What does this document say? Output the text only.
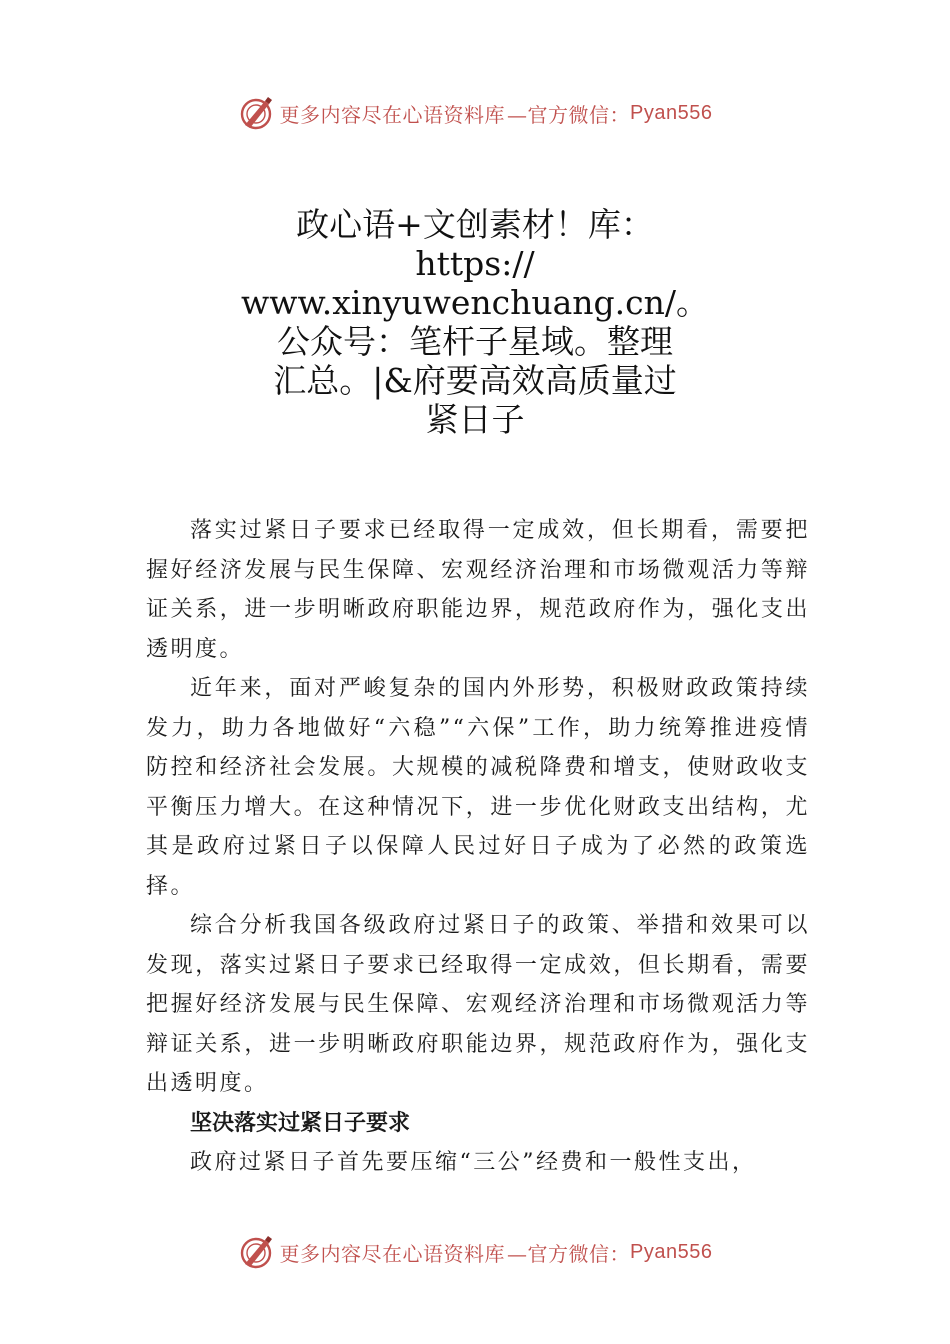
更多内容尽在心语资料库 —官方微信： Pyan556
政心语+文创素材！库：
https://
www.xinyuwenchuang.cn/。
公众号：笔杆子星域。整理
汇总。|&府要高效高质量过
紧日子

落实过紧日子要求已经取得一定成效，但长期看，需要把握好经济发展与民生保障、宏观经济治理和市场微观活力等辩证关系，进一步明晰政府职能边界，规范政府作为，强化支出透明度。

近年来，面对严峻复杂的国内外形势，积极财政政策持续发力，助力各地做好“六稳”“六保”工作，助力统筹推进疫情防控和经济社会发展。大规模的减税降费和增支，使财政收支平衡压力增大。在这种情况下，进一步优化财政支出结构，尤其是政府过紧日子以保障人民过好日子成为了必然的政策选择。

综合分析我国各级政府过紧日子的政策、举措和效果可以发现，落实过紧日子要求已经取得一定成效，但长期看，需要把握好经济发展与民生保障、宏观经济治理和市场微观活力等辩证关系，进一步明晰政府职能边界，规范政府作为，强化支出透明度。

坚决落实过紧日子要求

政府过紧日子首先要压缩“三公”经费和一般性支出，

更多内容尽在心语资料库 —官方微信： Pyan556
